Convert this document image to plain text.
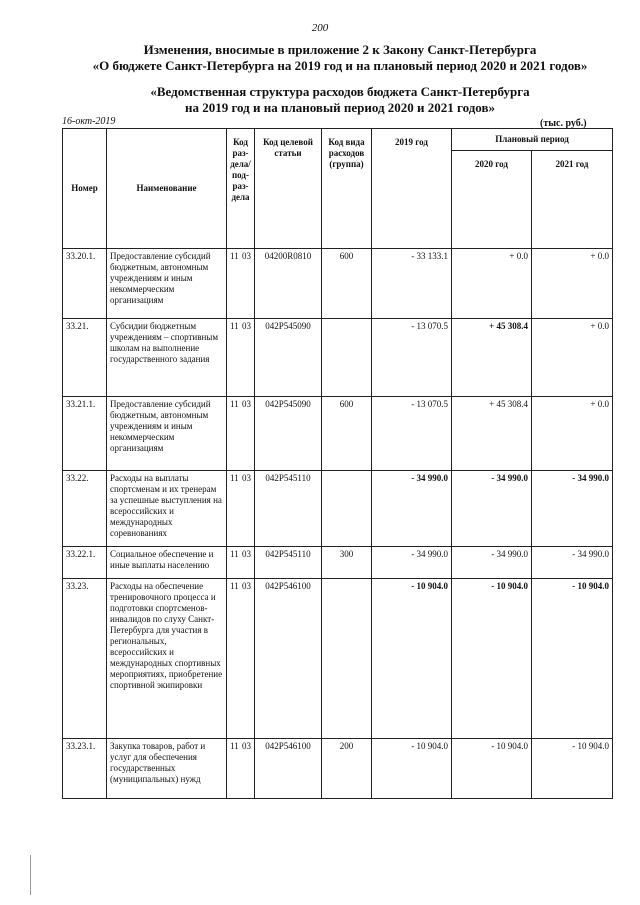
200
Изменения, вносимые в приложение 2 к Закону Санкт-Петербурга
«О бюджете Санкт-Петербурга на 2019 год и на плановый период 2020 и 2021 годов»
«Ведомственная структура расходов бюджета Санкт-Петербурга
на 2019 год и на плановый период 2020 и 2021 годов»
16-окт-2019	(тыс. руб.)
Номер	Наименование	Код раз-дела/ под-раз-дела	Код целевой статьи	Код вида расходов (группа)	2019 год	Плановый период	
						2020 год	2021 год
33.20.1.	Предоставление субсидий бюджетным, автономным учреждениям и иным некоммерческим организациям	11 03	04200R0810	600	- 33 133.1	+ 0.0	+ 0.0
33.21.	Субсидии бюджетным учреждениям – спортивным школам на выполнение государственного задания	11 03	042Р545090		- 13 070.5	+ 45 308.4	+ 0.0
33.21.1.	Предоставление субсидий бюджетным, автономным учреждениям и иным некоммерческим организациям	11 03	042Р545090	600	- 13 070.5	+ 45 308.4	+ 0.0
33.22.	Расходы на выплаты спортсменам и их тренерам за успешные выступления на всероссийских и международных соревнованиях	11 03	042Р545110		- 34 990.0	- 34 990.0	- 34 990.0
33.22.1.	Социальное обеспечение и иные выплаты населению	11 03	042Р545110	300	- 34 990.0	- 34 990.0	- 34 990.0
33.23.	Расходы на обеспечение тренировочного процесса и подготовки спортсменов-инвалидов по слуху Санкт-Петербурга для участия в региональных, всероссийских и международных спортивных мероприятиях, приобретение спортивной экипировки	11 03	042Р546100		- 10 904.0	- 10 904.0	- 10 904.0
33.23.1.	Закупка товаров, работ и услуг для обеспечения государственных (муниципальных) нужд	11 03	042Р546100	200	- 10 904.0	- 10 904.0	- 10 904.0
